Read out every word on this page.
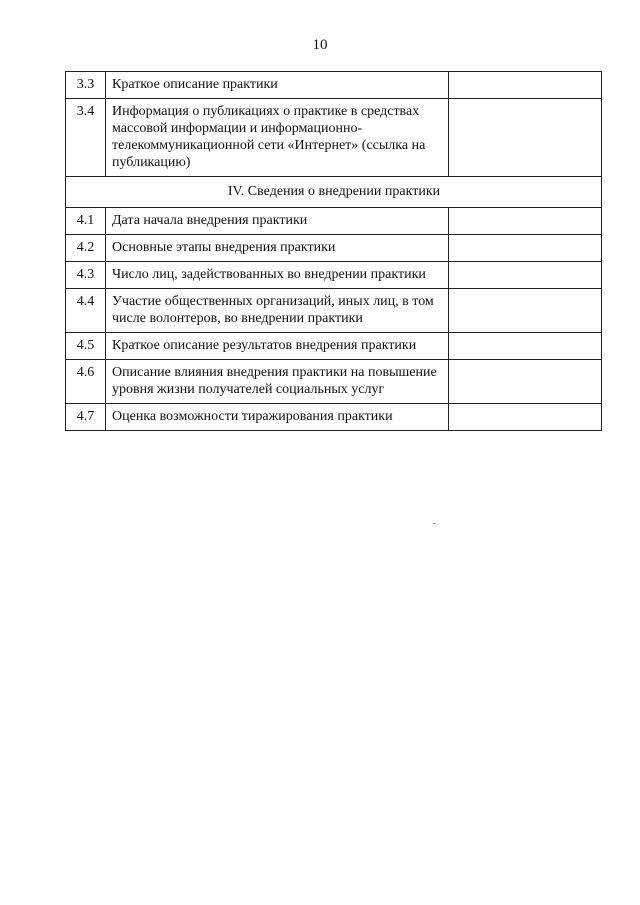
10
3.3	Краткое описание практики	
3.4	Информация о публикациях о практике в средствах массовой информации и информационно-телекоммуникационной сети «Интернет» (ссылка на публикацию)	
IV. Сведения о внедрении практики		
4.1	Дата начала внедрения практики	
4.2	Основные этапы внедрения практики	
4.3	Число лиц, задействованных во внедрении практики	
4.4	Участие общественных организаций, иных лиц, в том числе волонтеров, во внедрении практики	
4.5	Краткое описание результатов внедрения практики	
4.6	Описание влияния внедрения практики на повышение уровня жизни получателей социальных услуг	
4.7	Оценка возможности тиражирования практики	
